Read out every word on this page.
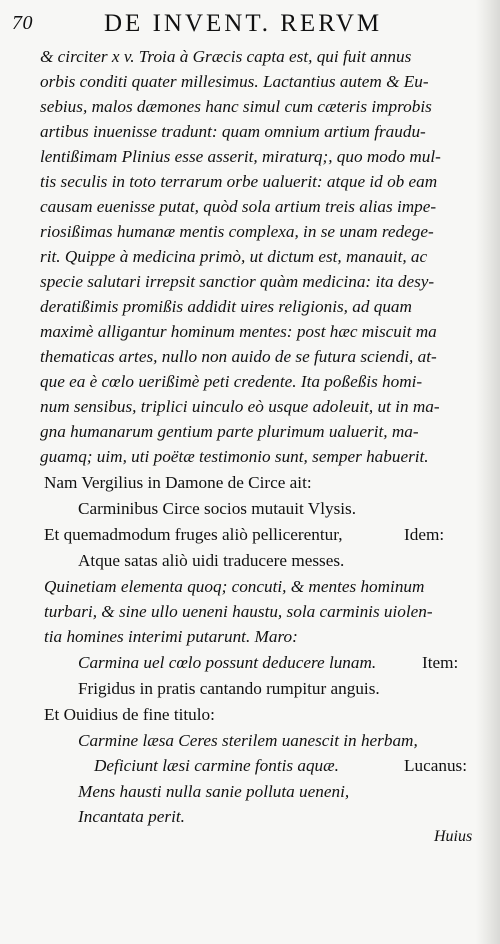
70	DE INVENT. RERVM
& circiter x v. Troia à Græcis capta est, qui fuit annus
orbis conditi quater millesimus. Lactantius autem & Eu-
sebius, malos dæmones hanc simul cum cæteris improbis
artibus inuenisse tradunt: quam omnium artium fraudu-
lentißimam Plinius esse asserit, miraturq;, quo modo mul-
tis seculis in toto terrarum orbe ualuerit: atque id ob eam
causam euenisse putat, quòd sola artium treis alias impe-
riosißimas humanæ mentis complexa, in se unam redege-
rit. Quippe à medicina primò, ut dictum est, manauit, ac
specie salutari irrepsit sanctior quàm medicina: ita desy-
deratißimis promißis addidit uires religionis, ad quam
maximè alligantur hominum mentes: post hæc miscuit ma
thematicas artes, nullo non auido de se futura sciendi, at-
que ea è cœlo uerißimè peti credente. Ita poßeßis homi-
num sensibus, triplici uinculo eò usque adoleuit, ut in ma-
gna humanarum gentium parte plurimum ualuerit, ma-
guamq; uim, uti poëtæ testimonio sunt, semper habuerit.
Nam Vergilius in Damone de Circe ait:
Carminibus Circe socios mutauit Vlysis.
Et quemadmodum fruges aliò pellicerentur,
Atque satas aliò uidi traducere messes.
Quinetiam elementa quoq; concuti, & mentes hominum
turbari, & sine ullo ueneni haustu, sola carminis uiolen-
tia homines interimi putarunt. Maro:
Carmina uel cœlo possunt deducere lunam.
Frigidus in pratis cantando rumpitur anguis.
Et Ouidius de fine titulo:
Carmine læsa Ceres sterilem uanescit in herbam,
Deficiunt læsi carmine fontis aquæ.
Mens hausti nulla sanie polluta ueneni,
Incantata perit.
Idem:
Item:
Lucanus:
Huius
